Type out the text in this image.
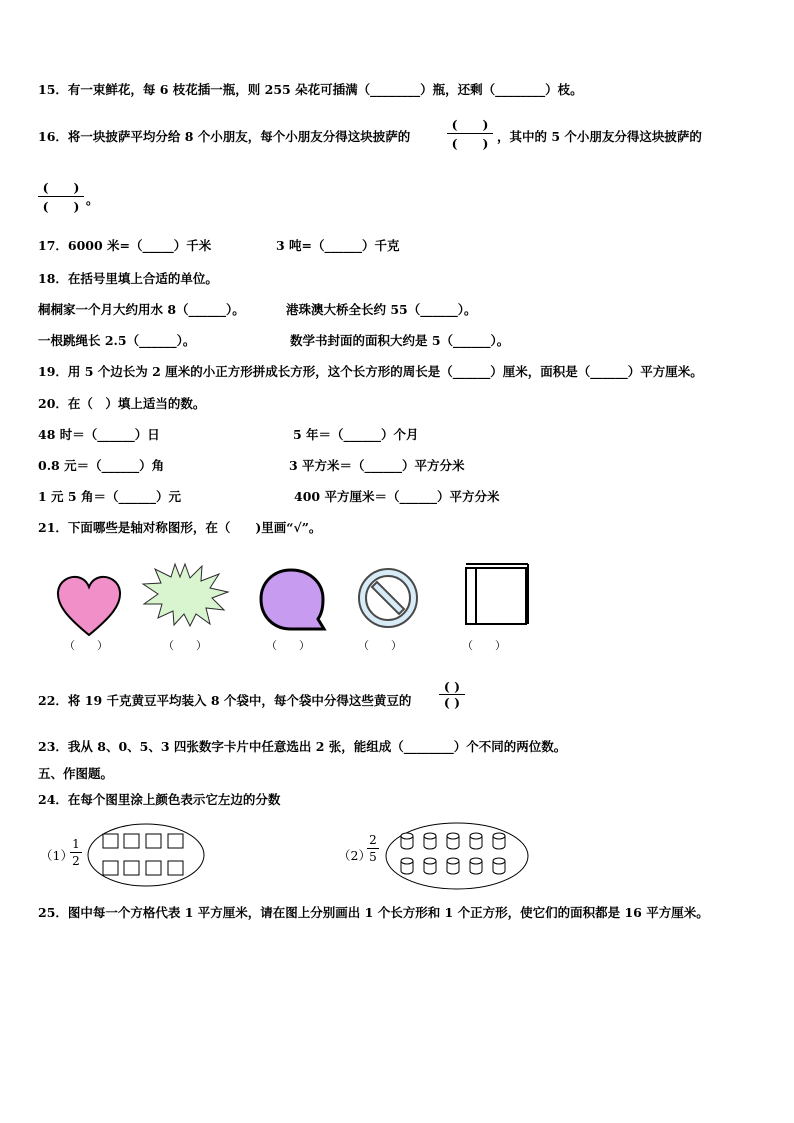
15．有一束鲜花，每 6 枝花插一瓶，则 255 朵花可插满（________）瓶，还剩（________）枝。
16．将一块披萨平均分给 8 个小朋友，每个小朋友分得这块披萨的
(　　)
(　　) ，其中的 5 个小朋友分得这块披萨的
(　　)
(　　) 。
17．6000 米=（_____）千米	3 吨=（______）千克
18．在括号里填上合适的单位。
桐桐家一个月大约用水 8（______）。	港珠澳大桥全长约 55（______）。
一根跳绳长 2.5（______）。	数学书封面的面积大约是 5（______）。
19．用 5 个边长为 2 厘米的小正方形拼成长方形，这个长方形的周长是（______）厘米，面积是（______）平方厘米。
20．在（　）填上适当的数。
48 时＝（______）日	5 年＝（______）个月
0.8 元＝（______）角	3 平方米＝（______）平方分米
1 元 5 角＝（______）元	400 平方厘米＝（______）平方分米
21．下面哪些是轴对称图形，在（　　)里画“√”。
（　　）	（　　）	（　　）	（　　）	（　　）
22．将 19 千克黄豆平均装入 8 个袋中，每个袋中分得这些黄豆的
( )
( )
23．我从 8、0、5、3 四张数字卡片中任意选出 2 张，能组成（________）个不同的两位数。
五、作图题。
24．在每个图里涂上颜色表示它左边的分数
（1）
1
2	（2）
2
5
25．图中每一个方格代表 1 平方厘米，请在图上分别画出 1 个长方形和 1 个正方形，使它们的面积都是 16 平方厘米。
